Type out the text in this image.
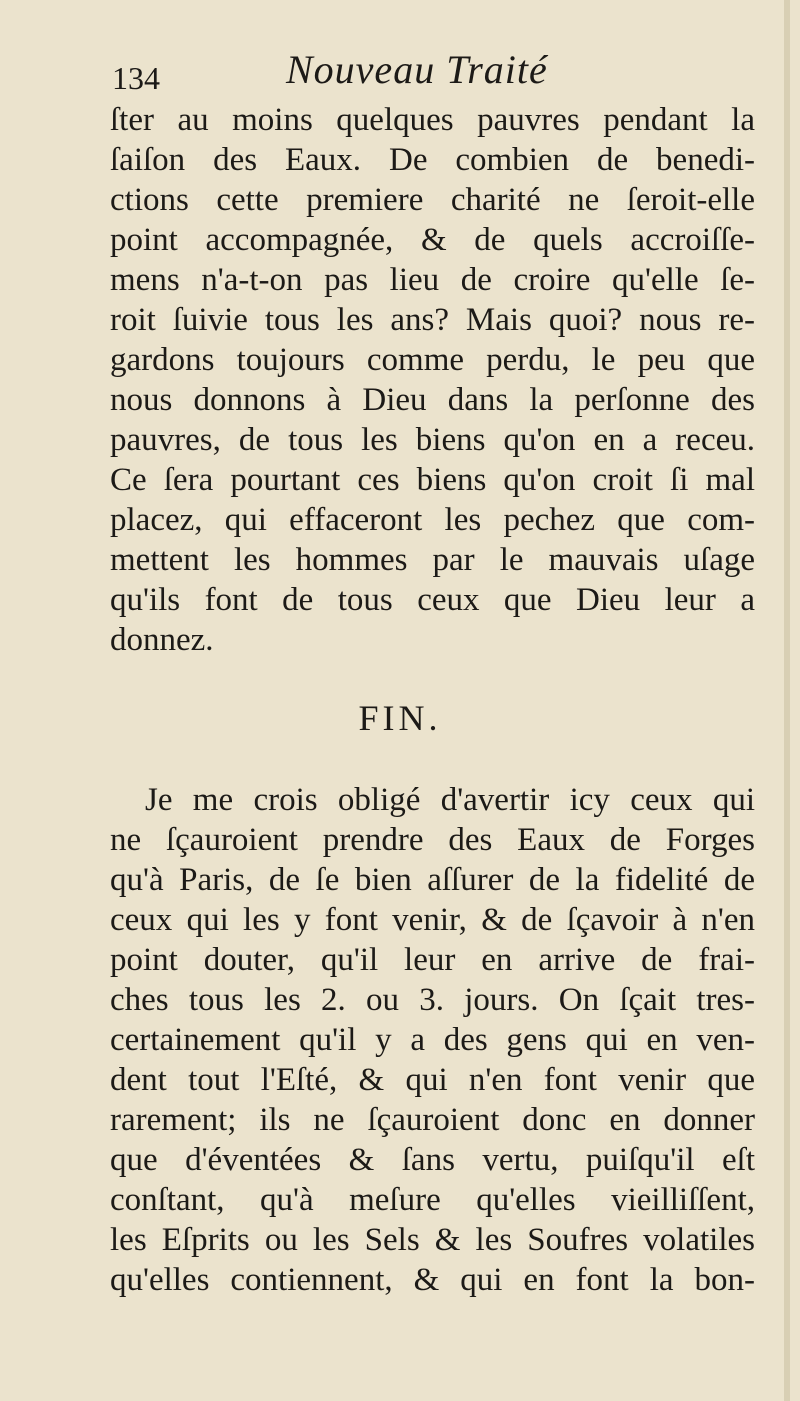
134	Nouveau Traité
ſter au moins quelques pauvres pendant la
ſaiſon des Eaux. De combien de benedi-
ctions cette premiere charité ne ſeroit-elle
point accompagnée, & de quels accroiſſe-
mens n'a-t-on pas lieu de croire qu'elle ſe-
roit ſuivie tous les ans? Mais quoi? nous re-
gardons toujours comme perdu, le peu que
nous donnons à Dieu dans la perſonne des
pauvres, de tous les biens qu'on en a receu.
Ce ſera pourtant ces biens qu'on croit ſi mal
placez, qui effaceront les pechez que com-
mettent les hommes par le mauvais uſage
qu'ils font de tous ceux que Dieu leur a
donnez.
FIN.
Je me crois obligé d'avertir icy ceux qui
ne ſçauroient prendre des Eaux de Forges
qu'à Paris, de ſe bien aſſurer de la fidelité de
ceux qui les y font venir, & de ſçavoir à n'en
point douter, qu'il leur en arrive de frai-
ches tous les 2. ou 3. jours. On ſçait tres-
certainement qu'il y a des gens qui en ven-
dent tout l'Eſté, & qui n'en font venir que
rarement; ils ne ſçauroient donc en donner
que d'éventées & ſans vertu, puiſqu'il eſt
conſtant, qu'à meſure qu'elles vieilliſſent,
les Eſprits ou les Sels & les Soufres volatiles
qu'elles contiennent, & qui en font la bon-
